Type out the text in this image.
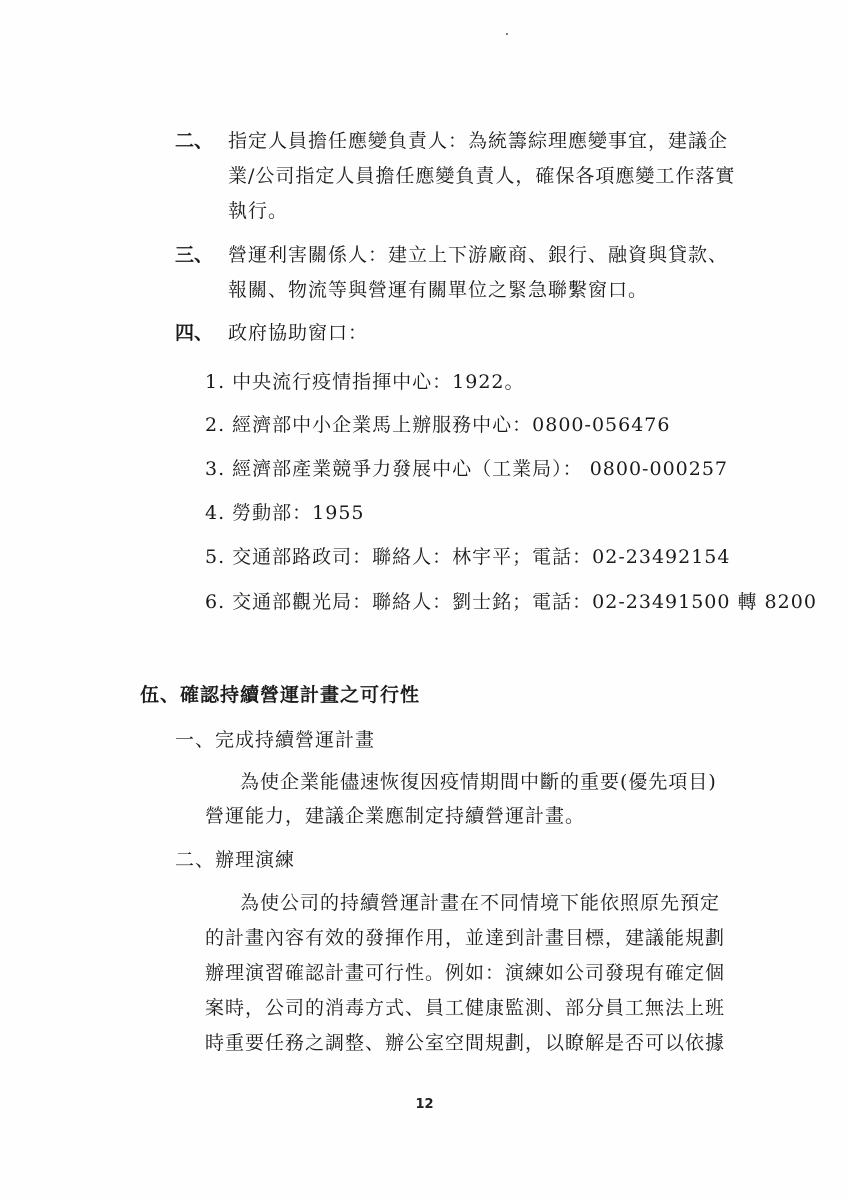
二、 指定人員擔任應變負責人：為統籌綜理應變事宜，建議企
業/公司指定人員擔任應變負責人，確保各項應變工作落實
執行。
三、 營運利害關係人：建立上下游廠商、銀行、融資與貸款、
報關、物流等與營運有關單位之緊急聯繫窗口。
四、 政府協助窗口：
1. 中央流行疫情指揮中心：1922。
2. 經濟部中小企業馬上辦服務中心：0800-056476
3. 經濟部產業競爭力發展中心（工業局）： 0800-000257
4. 勞動部：1955
5. 交通部路政司：聯絡人：林宇平；電話：02-23492154
6. 交通部觀光局：聯絡人：劉士銘；電話：02-23491500 轉 8200
伍、確認持續營運計畫之可行性
一、完成持續營運計畫
為使企業能儘速恢復因疫情期間中斷的重要(優先項目)
營運能力，建議企業應制定持續營運計畫。
二、辦理演練
為使公司的持續營運計畫在不同情境下能依照原先預定
的計畫內容有效的發揮作用，並達到計畫目標，建議能規劃
辦理演習確認計畫可行性。例如：演練如公司發現有確定個
案時，公司的消毒方式、員工健康監測、部分員工無法上班
時重要任務之調整、辦公室空間規劃，以瞭解是否可以依據
12
